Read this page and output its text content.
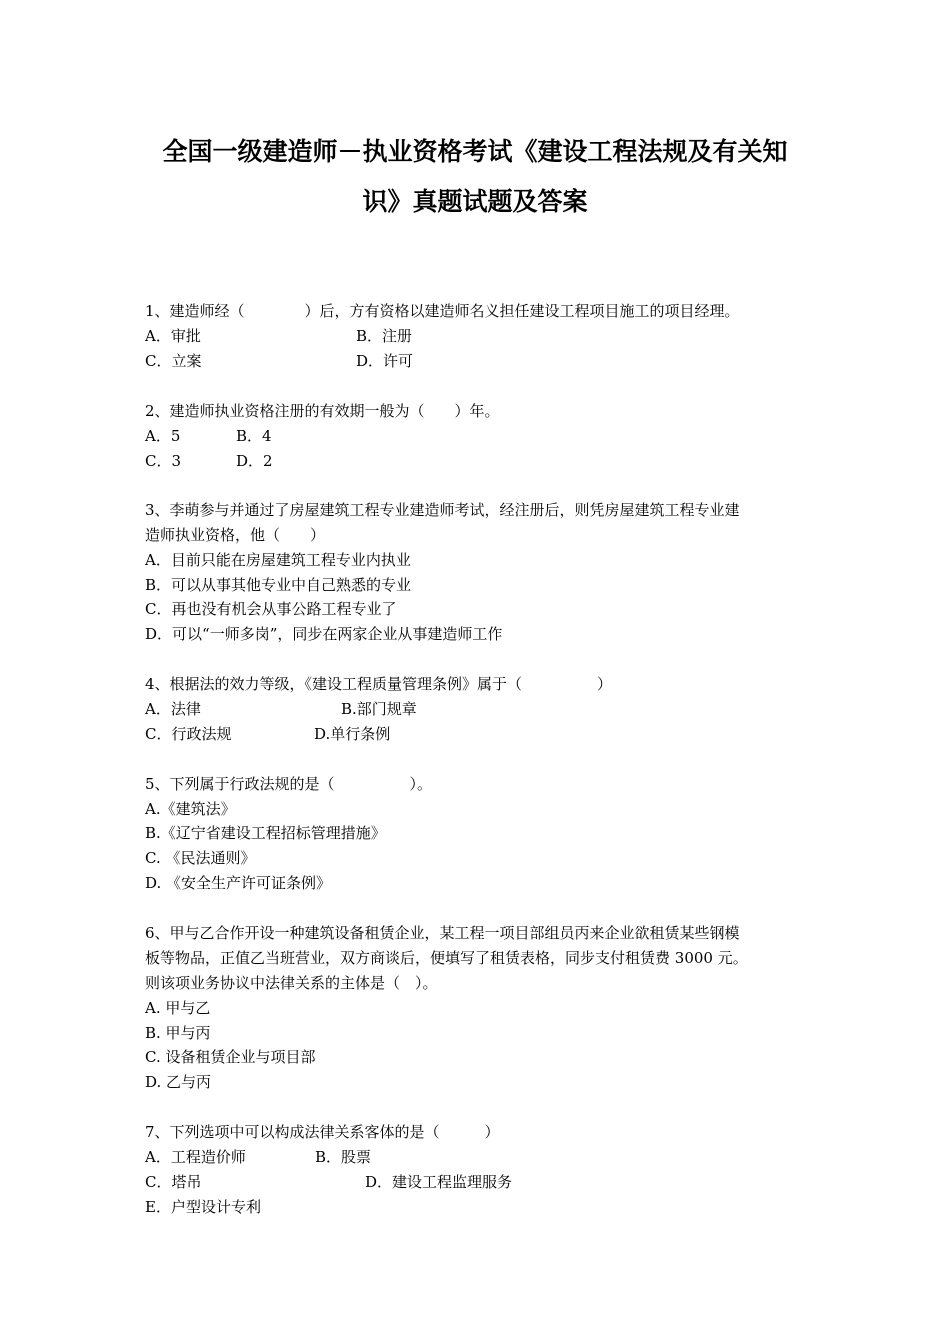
全国一级建造师－执业资格考试《建设工程法规及有关知
识》真题试题及答案
1、建造师经（　　　　）后，方有资格以建造师名义担任建设工程项目施工的项目经理。
A．审批	B．注册
C．立案	D．许可
2、建造师执业资格注册的有效期一般为（　　）年。
A．5	B．4
C．3	D．2
3、李萌参与并通过了房屋建筑工程专业建造师考试，经注册后，则凭房屋建筑工程专业建
造师执业资格，他（　　）
A．目前只能在房屋建筑工程专业内执业
B．可以从事其他专业中自己熟悉的专业
C．再也没有机会从事公路工程专业了
D．可以“一师多岗”，同步在两家企业从事建造师工作
4、根据法的效力等级，《建设工程质量管理条例》属于（　　　　　）
A．法律	B.部门规章
C．行政法规	D.单行条例
5、下列属于行政法规的是（　　　　　）。
A.《建筑法》
B.《辽宁省建设工程招标管理措施》
C. 《民法通则》
D. 《安全生产许可证条例》
6、甲与乙合作开设一种建筑设备租赁企业，某工程一项目部组员丙来企业欲租赁某些钢模
板等物品，正值乙当班营业，双方商谈后，便填写了租赁表格，同步支付租赁费 3000 元。
则该项业务协议中法律关系的主体是（　）。
A. 甲与乙
B. 甲与丙
C. 设备租赁企业与项目部
D. 乙与丙
7、下列选项中可以构成法律关系客体的是（　　　）
A．工程造价师	B．股票
C．塔吊	D．建设工程监理服务
E．户型设计专利
